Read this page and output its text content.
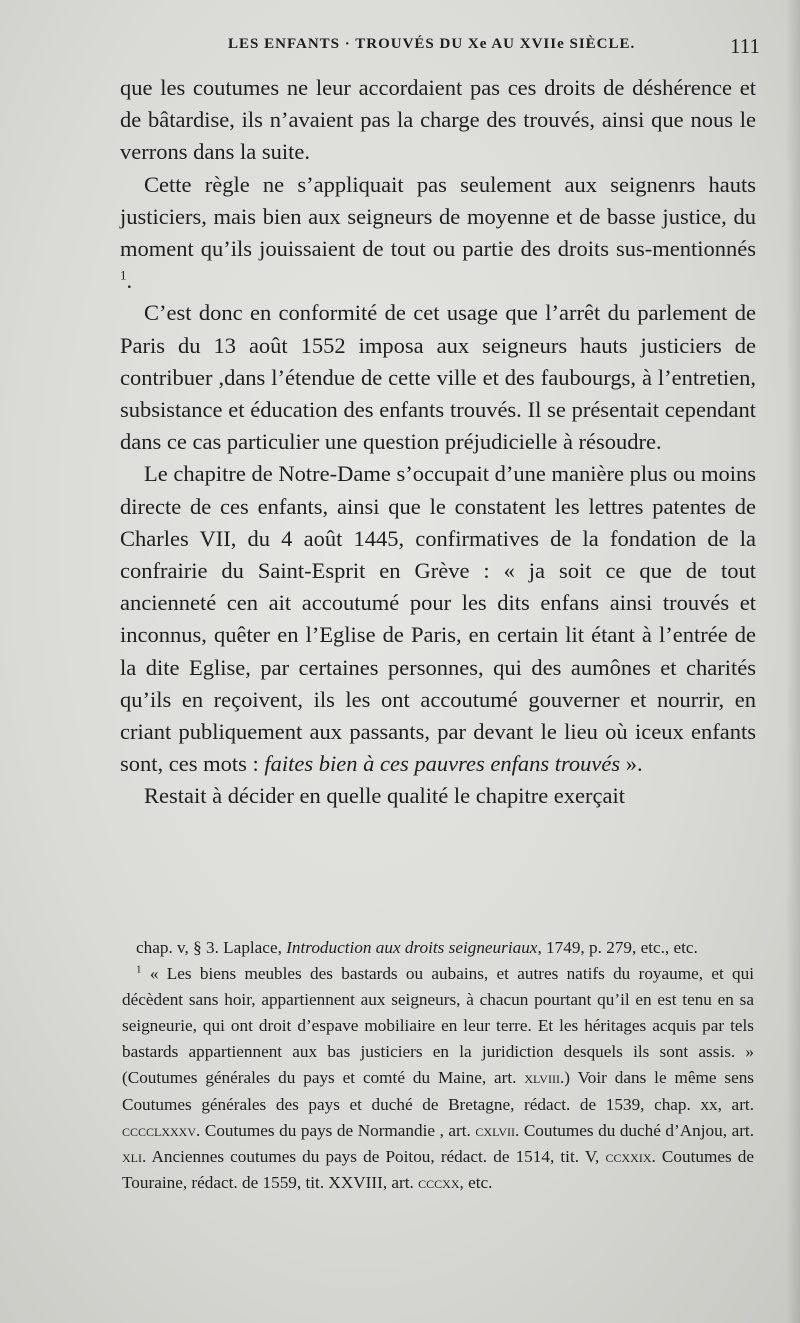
LES ENFANTS · TROUVÉS DU Xe AU XVIIe SIÈCLE.	111

que les coutumes ne leur accordaient pas ces droits de déshérence et de bâtardise, ils n’avaient pas la charge des trouvés, ainsi que nous le verrons dans la suite.

Cette règle ne s’appliquait pas seulement aux seignenrs hauts justiciers, mais bien aux seigneurs de moyenne et de basse justice, du moment qu’ils jouissaient de tout ou partie des droits sus-mentionnés $^1$.

C’est donc en conformité de cet usage que l’arrêt du parlement de Paris du 13 août 1552 imposa aux seigneurs hauts justiciers de contribuer ,dans l’étendue de cette ville et des faubourgs, à l’entretien, subsistance et éducation des enfants trouvés. Il se présentait cependant dans ce cas particulier une question préjudicielle à résoudre.

Le chapitre de Notre-Dame s’occupait d’une manière plus ou moins directe de ces enfants, ainsi que le constatent les lettres patentes de Charles VII, du 4 août 1445, confirmatives de la fondation de la confrairie du Saint-Esprit en Grève : « ja soit ce que de tout ancienneté cen ait accoutumé pour les dits enfans ainsi trouvés et inconnus, quêter en l’Eglise de Paris, en certain lit étant à l’entrée de la dite Eglise, par certaines personnes, qui des aumônes et charités qu’ils en reçoivent, ils les ont accoutumé gouverner et nourrir, en criant publiquement aux passants, par devant le lieu où iceux enfants sont, ces mots : faites bien à ces pauvres enfans trouvés ».

Restait à décider en quelle qualité le chapitre exerçait

chap. v, § 3. Laplace, Introduction aux droits seigneuriaux, 1749, p. 279, etc., etc.

$^1$ « Les biens meubles des bastards ou aubains, et autres natifs du royaume, et qui décèdent sans hoir, appartiennent aux seigneurs, à chacun pourtant qu’il en est tenu en sa seigneurie, qui ont droit d’espave mobiliaire en leur terre. Et les héritages acquis par tels bastards appartiennent aux bas justiciers en la juridiction desquels ils sont assis. » (Coutumes générales du pays et comté du Maine, art. xlviii.) Voir dans le même sens Coutumes générales des pays et duché de Bretagne, rédact. de 1539, chap. xx, art. cccclxxxv. Coutumes du pays de Normandie , art. cxlvii. Coutumes du duché d’Anjou, art. xli. Anciennes coutumes du pays de Poitou, rédact. de 1514, tit. V, ccxxix. Coutumes de Touraine, rédact. de 1559, tit. XXVIII, art. cccxx, etc.
